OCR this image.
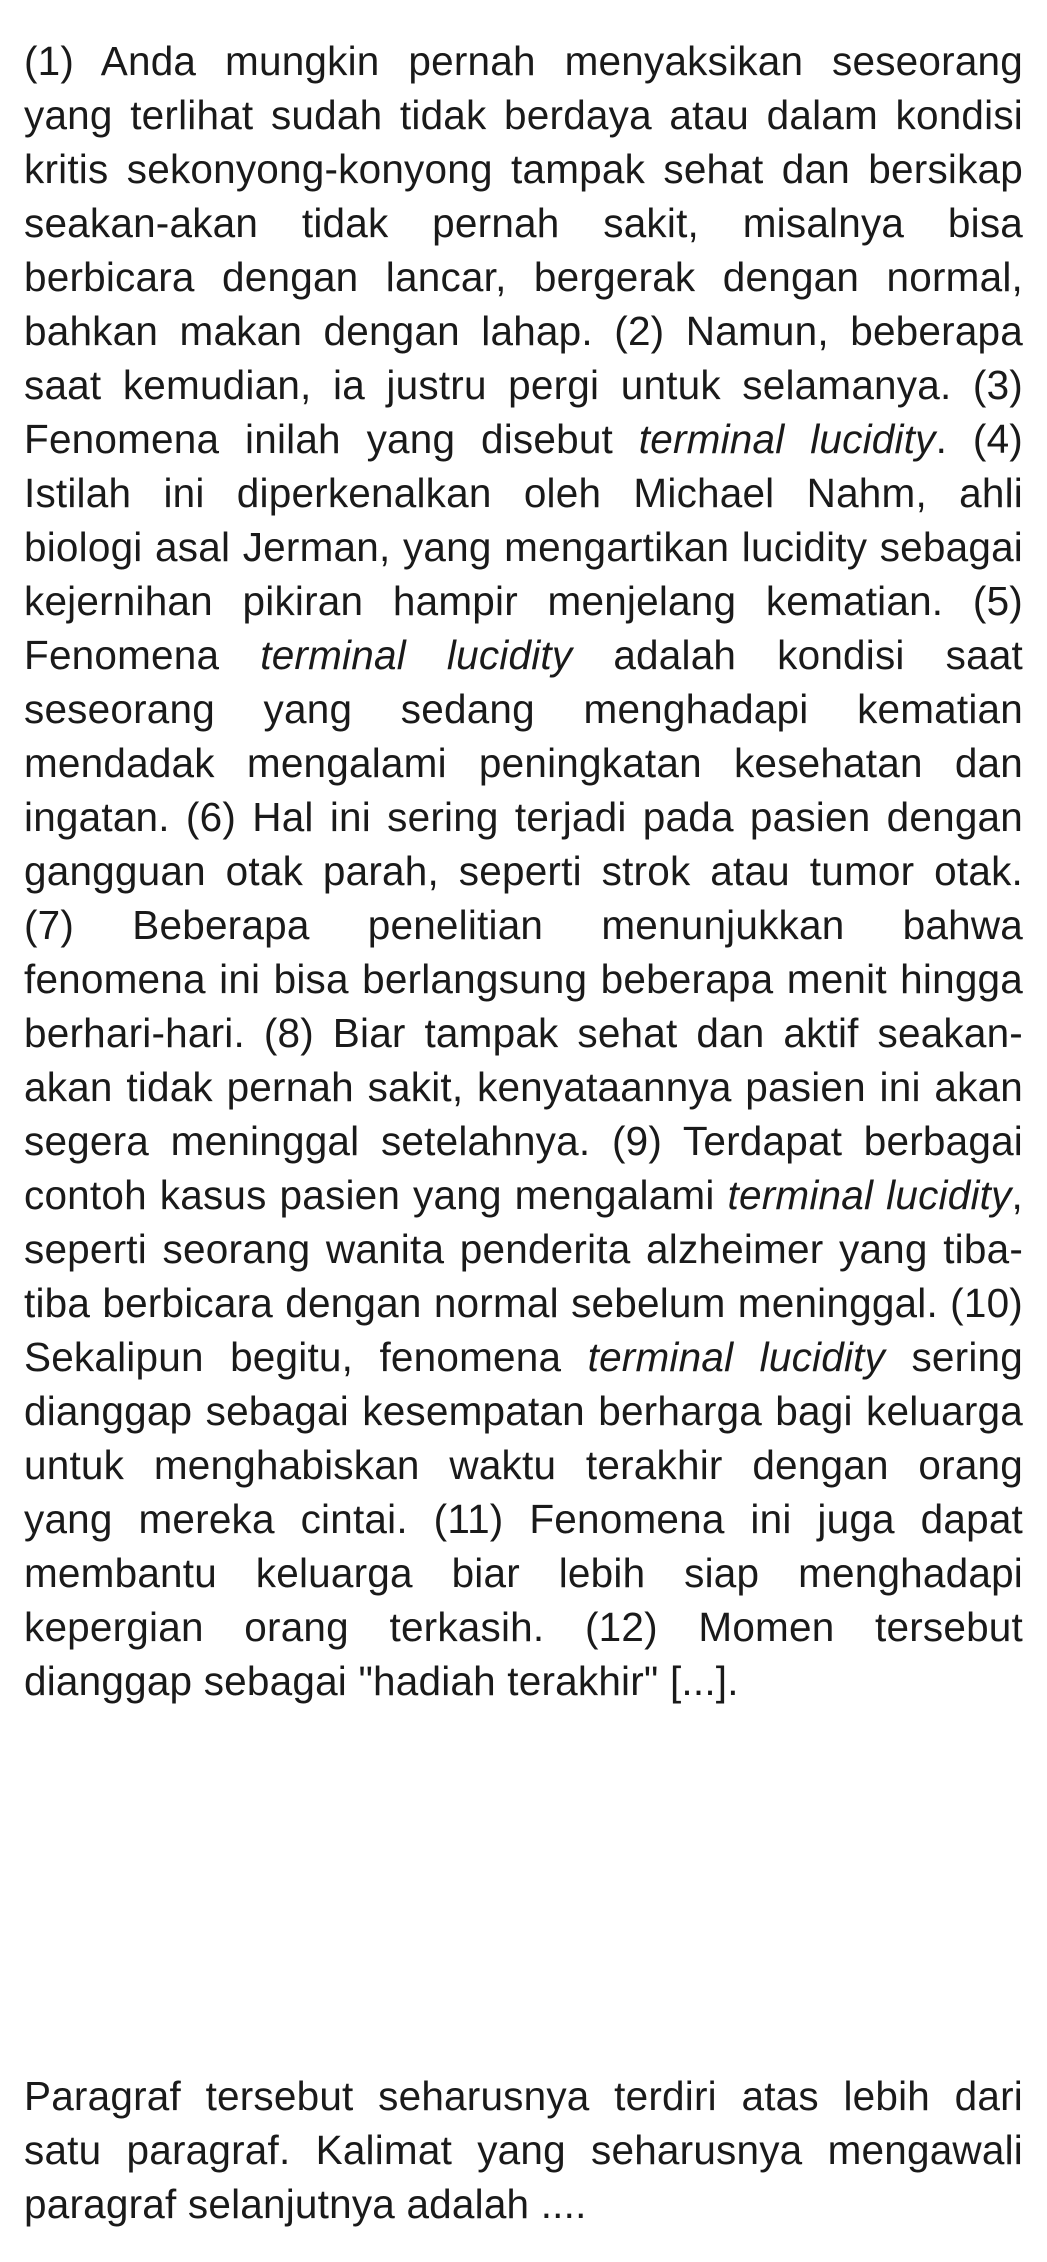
(1) Anda mungkin pernah menyaksikan seseorang yang terlihat sudah tidak berdaya atau dalam kondisi kritis sekonyong-konyong tampak sehat dan bersikap seakan-akan tidak pernah sakit, misalnya bisa berbicara dengan lancar, bergerak dengan normal, bahkan makan dengan lahap. (2) Namun, beberapa saat kemudian, ia justru pergi untuk selamanya. (3) Fenomena inilah yang disebut terminal lucidity. (4) Istilah ini diperkenalkan oleh Michael Nahm, ahli biologi asal Jerman, yang mengartikan lucidity sebagai kejernihan pikiran hampir menjelang kematian. (5) Fenomena terminal lucidity adalah kondisi saat seseorang yang sedang menghadapi kematian mendadak mengalami peningkatan kesehatan dan ingatan. (6) Hal ini sering terjadi pada pasien dengan gangguan otak parah, seperti strok atau tumor otak. (7) Beberapa penelitian menunjukkan bahwa fenomena ini bisa berlangsung beberapa menit hingga berhari-hari. (8) Biar tampak sehat dan aktif seakan-akan tidak pernah sakit, kenyataannya pasien ini akan segera meninggal setelahnya. (9) Terdapat berbagai contoh kasus pasien yang mengalami terminal lucidity, seperti seorang wanita penderita alzheimer yang tiba-tiba berbicara dengan normal sebelum meninggal. (10) Sekalipun begitu, fenomena terminal lucidity sering dianggap sebagai kesempatan berharga bagi keluarga untuk menghabiskan waktu terakhir dengan orang yang mereka cintai. (11) Fenomena ini juga dapat membantu keluarga biar lebih siap menghadapi kepergian orang terkasih. (12) Momen tersebut dianggap sebagai "hadiah terakhir" [...].

Paragraf tersebut seharusnya terdiri atas lebih dari satu paragraf. Kalimat yang seharusnya mengawali paragraf selanjutnya adalah ....
